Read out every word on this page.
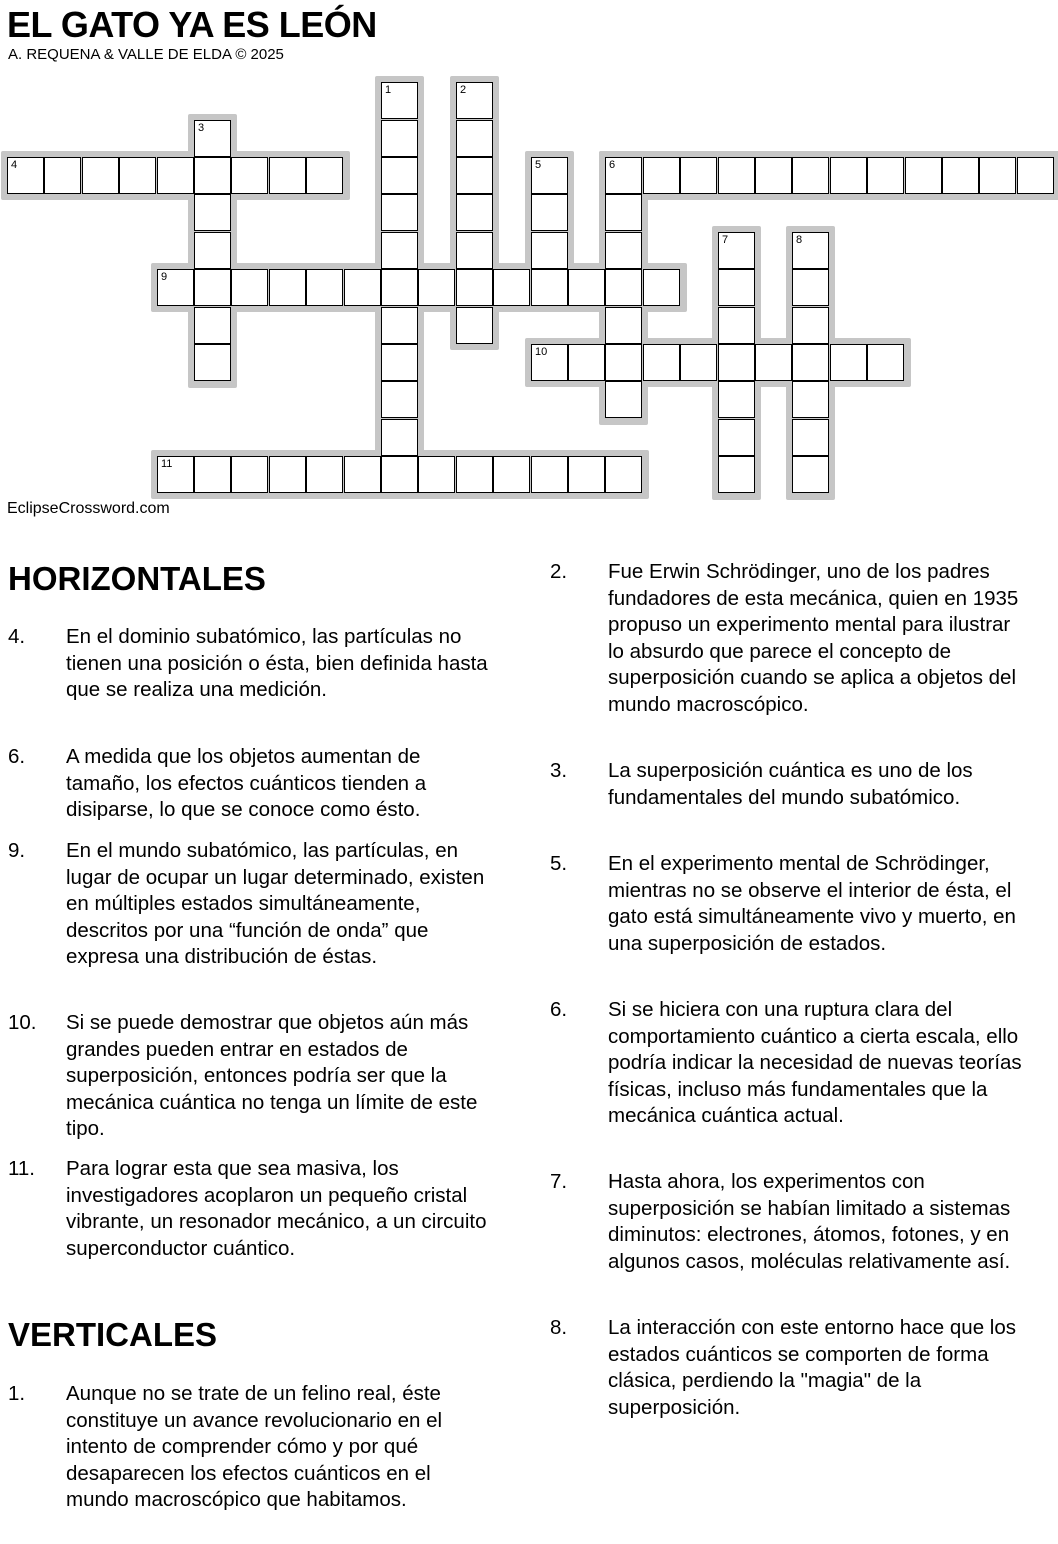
EL GATO YA ES LEÓN
A. REQUENA & VALLE DE ELDA © 2025
1	2
3
4	5	6
7	8
9
10
11
EclipseCrossword.com
HORIZONTALES
4.	En el dominio subatómico, las partículas no tienen una posición o ésta, bien definida hasta que se realiza una medición.
6.	A medida que los objetos aumentan de tamaño, los efectos cuánticos tienden a disiparse, lo que se conoce como ésto.
9.	En el mundo subatómico, las partículas, en lugar de ocupar un lugar determinado, existen en múltiples estados simultáneamente, descritos por una “función de onda” que expresa una distribución de éstas.
10.	Si se puede demostrar que objetos aún más grandes pueden entrar en estados de superposición, entonces podría ser que la mecánica cuántica no tenga un límite de este tipo.
11.	Para lograr esta que sea masiva, los investigadores acoplaron un pequeño cristal vibrante, un resonador mecánico, a un circuito superconductor cuántico.
VERTICALES
1.	Aunque no se trate de un felino real, éste constituye un avance revolucionario en el intento de comprender cómo y por qué desaparecen los efectos cuánticos en el mundo macroscópico que habitamos.
2.	Fue Erwin Schrödinger, uno de los padres fundadores de esta mecánica, quien en 1935 propuso un experimento mental para ilustrar lo absurdo que parece el concepto de superposición cuando se aplica a objetos del mundo macroscópico.
3.	La superposición cuántica es uno de los fundamentales del mundo subatómico.
5.	En el experimento mental de Schrödinger, mientras no se observe el interior de ésta, el gato está simultáneamente vivo y muerto, en una superposición de estados.
6.	Si se hiciera con una ruptura clara del comportamiento cuántico a cierta escala, ello podría indicar la necesidad de nuevas teorías físicas, incluso más fundamentales que la mecánica cuántica actual.
7.	Hasta ahora, los experimentos con superposición se habían limitado a sistemas diminutos: electrones, átomos, fotones, y en algunos casos, moléculas relativamente así.
8.	La interacción con este entorno hace que los estados cuánticos se comporten de forma clásica, perdiendo la "magia" de la superposición.
